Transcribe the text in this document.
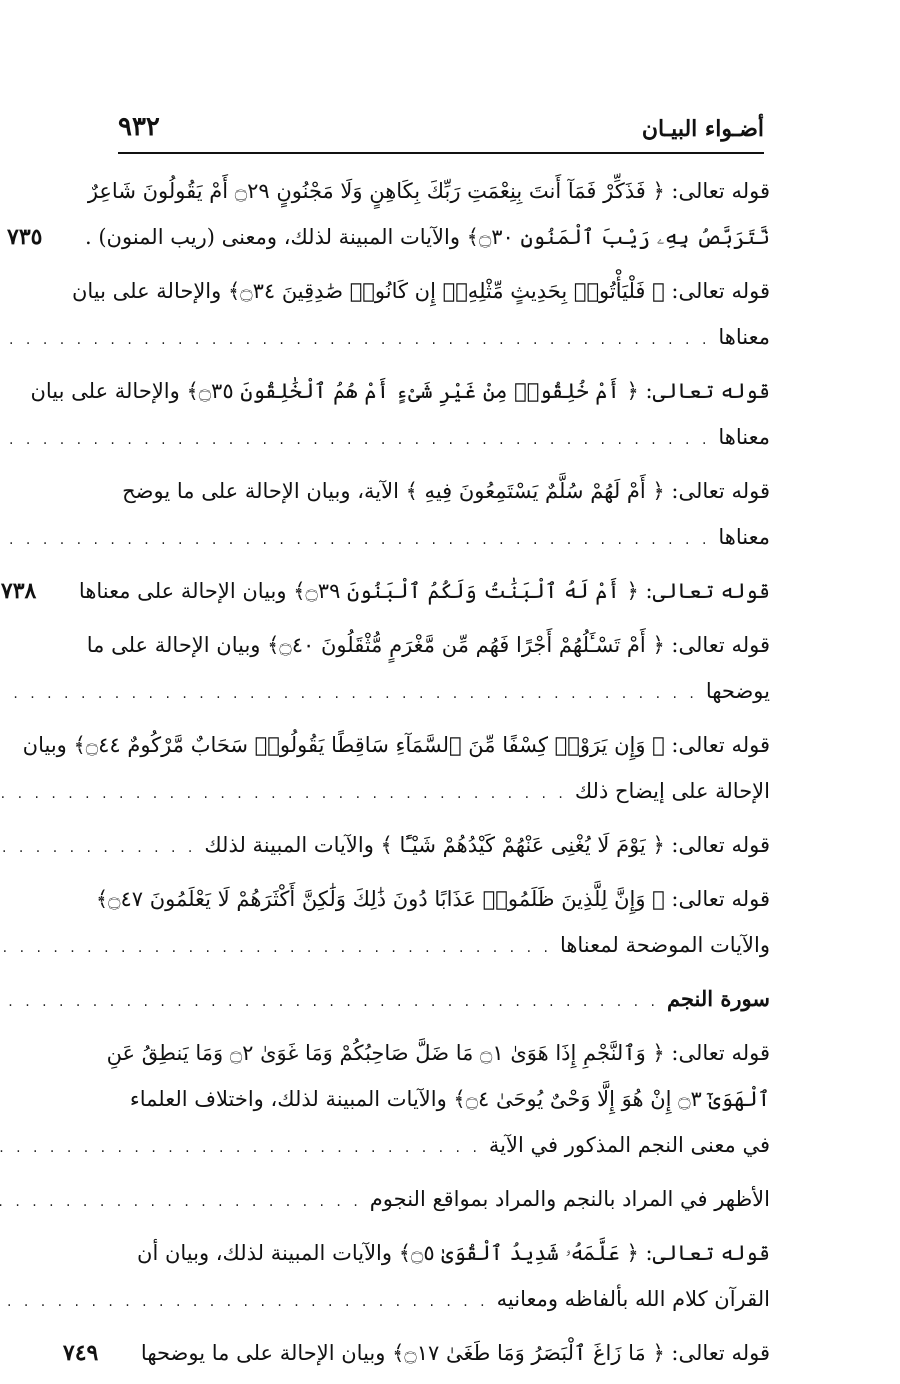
أضـواء البيـان
٩٣٢
قوله تعالى: ﴿ فَذَكِّرْ فَمَآ أَنتَ بِنِعْمَتِ رَبِّكَ بِكَاهِنٍ وَلَا مَجْنُونٍ ۝٢٩ أَمْ يَقُولُونَ شَاعِرٌ
نَّتَرَبَّصُ بِهِۦ رَيْبَ ٱلْمَنُونِ ۝٣٠﴾ والآيات المبينة لذلك، ومعنى (ريب المنون) .
٧٣٥
قوله تعالى: ﴿ فَلْيَأْتُوا۟ بِحَدِيثٍ مِّثْلِهِۦٓ إِن كَانُوا۟ صَٰدِقِينَ ۝٣٤﴾ والإحالة على بيان
معناها
. . .
قوله تعالى: ﴿ أَمْ خُلِقُوا۟ مِنْ غَيْرِ شَىْءٍ أَمْ هُمُ ٱلْخَٰلِقُونَ ۝٣٥﴾ والإحالة على بيان
معناها
. . .
قوله تعالى: ﴿ أَمْ لَهُمْ سُلَّمٌ يَسْتَمِعُونَ فِيهِ ﴾ الآية، وبيان الإحالة على ما يوضح
معناها
. . .
قوله تعالى: ﴿ أَمْ لَهُ ٱلْبَنَٰتُ وَلَكُمُ ٱلْبَنُونَ ۝٣٩﴾ وبيان الإحالة على معناها
٧٣٨
قوله تعالى: ﴿ أَمْ تَسْـَٔلُهُمْ أَجْرًا فَهُم مِّن مَّغْرَمٍ مُّثْقَلُونَ ۝٤٠﴾ وبيان الإحالة على ما
يوضحها
. . .
قوله تعالى: ﴿ وَإِن يَرَوْا۟ كِسْفًا مِّنَ ٱلسَّمَآءِ سَاقِطًا يَقُولُوا۟ سَحَابٌ مَّرْكُومٌ ۝٤٤﴾ وبيان
الإحالة على إيضاح ذلك
. . .
قوله تعالى: ﴿ يَوْمَ لَا يُغْنِى عَنْهُمْ كَيْدُهُمْ شَيْـًٔا ﴾ والآيات المبينة لذلك
. . .
قوله تعالى: ﴿ وَإِنَّ لِلَّذِينَ ظَلَمُوا۟ عَذَابًا دُونَ ذَٰلِكَ وَلَٰكِنَّ أَكْثَرَهُمْ لَا يَعْلَمُونَ ۝٤٧﴾
والآيات الموضحة لمعناها
. . .
سورة النجم
. . .
قوله تعالى: ﴿ وَٱلنَّجْمِ إِذَا هَوَىٰ ۝١ مَا ضَلَّ صَاحِبُكُمْ وَمَا غَوَىٰ ۝٢ وَمَا يَنطِقُ عَنِ
ٱلْهَوَىٰٓ ۝٣ إِنْ هُوَ إِلَّا وَحْىٌ يُوحَىٰ ۝٤﴾ والآيات المبينة لذلك، واختلاف العلماء
في معنى النجم المذكور في الآية
. . .
الأظهر في المراد بالنجم والمراد بمواقع النجوم
. . .
قوله تعالى: ﴿ عَلَّمَهُۥ شَدِيدُ ٱلْقُوَىٰ ۝٥﴾ والآيات المبينة لذلك، وبيان أن
القرآن كلام الله بألفاظه ومعانيه
. . .
قوله تعالى: ﴿ مَا زَاغَ ٱلْبَصَرُ وَمَا طَغَىٰ ۝١٧﴾ وبيان الإحالة على ما يوضحها
٧٤٩
